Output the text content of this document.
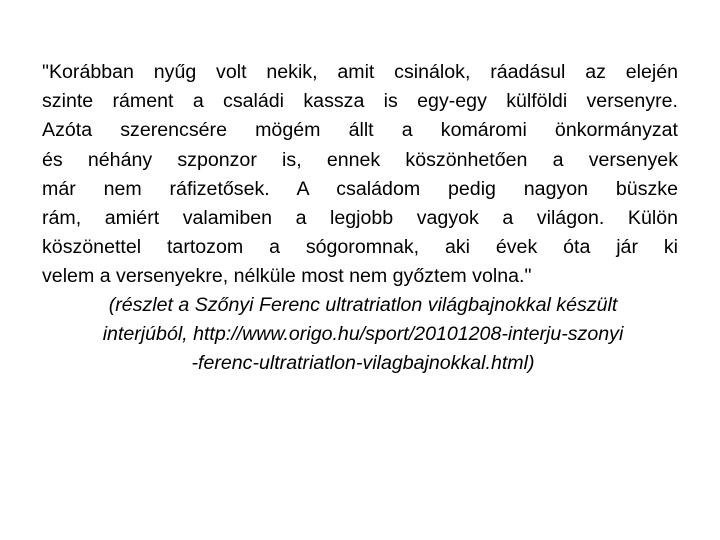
"Korábban nyűg volt nekik, amit csinálok, ráadásul az elején
szinte ráment a családi kassza is egy-egy külföldi versenyre.
Azóta szerencsére mögém állt a komáromi önkormányzat
és néhány szponzor is, ennek köszönhetően a versenyek
már nem ráfizetősek. A családom pedig nagyon büszke
rám, amiért valamiben a legjobb vagyok a világon. Külön
köszönettel tartozom a sógoromnak, aki évek óta jár ki
velem a versenyekre, nélküle most nem győztem volna."
(részlet a Szőnyi Ferenc ultratriatlon világbajnokkal készült
interjúból, http://www.origo.hu/sport/20101208-interju-szonyi
-ferenc-ultratriatlon-vilagbajnokkal.html)
